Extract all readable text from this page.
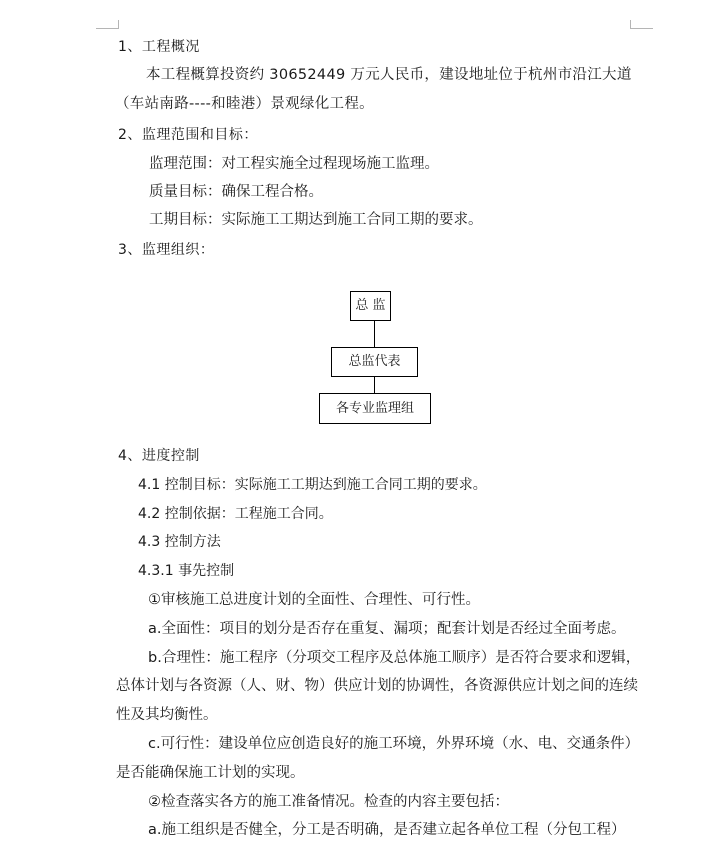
1、工程概况
本工程概算投资约 30652449 万元人民币，建设地址位于杭州市沿江大道
（车站南路----和睦港）景观绿化工程。
2、监理范围和目标：
监理范围：对工程实施全过程现场施工监理。
质量目标：确保工程合格。
工期目标：实际施工工期达到施工合同工期的要求。
3、监理组织：
总 监
总监代表
各专业监理组
4、进度控制
4.1 控制目标：实际施工工期达到施工合同工期的要求。
4.2 控制依据：工程施工合同。
4.3 控制方法
4.3.1 事先控制
①审核施工总进度计划的全面性、合理性、可行性。
a.全面性：项目的划分是否存在重复、漏项；配套计划是否经过全面考虑。
b.合理性：施工程序（分项交工程序及总体施工顺序）是否符合要求和逻辑，
总体计划与各资源（人、财、物）供应计划的协调性，各资源供应计划之间的连续
性及其均衡性。
c.可行性：建设单位应创造良好的施工环境，外界环境（水、电、交通条件）
是否能确保施工计划的实现。
②检查落实各方的施工准备情况。检查的内容主要包括：
a.施工组织是否健全，分工是否明确，是否建立起各单位工程（分包工程）
